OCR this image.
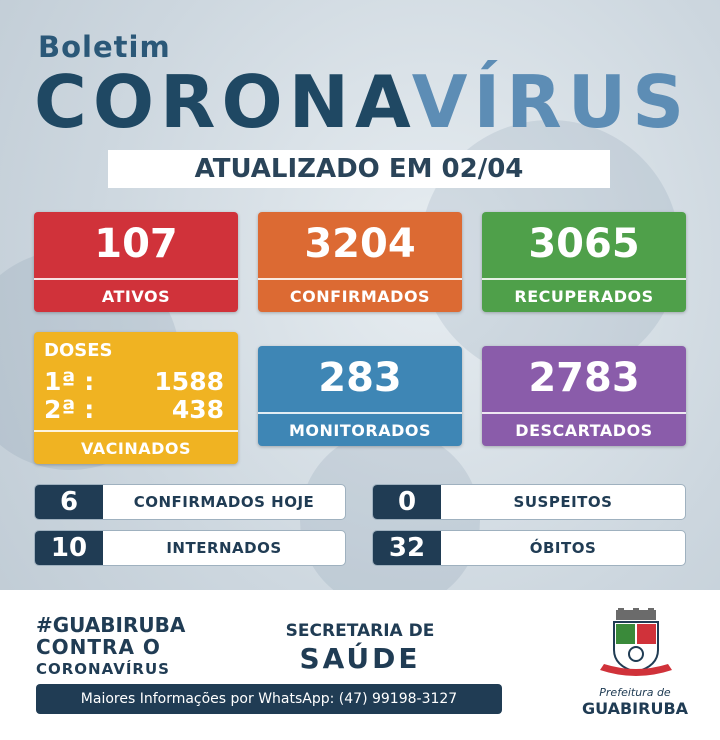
Boletim
CORONAVÍRUS
ATUALIZADO EM 02/04
107
ATIVOS
3204
CONFIRMADOS
3065
RECUPERADOS
DOSES
1ª : 1588
2ª :	438
VACINADOS
283
MONITORADOS
2783
DESCARTADOS
6	CONFIRMADOS HOJE	0	SUSPEITOS
10	INTERNADOS	32	ÓBITOS
#GUABIRUBA
CONTRA O
CORONAVÍRUS
SECRETARIA DE
SAÚDE
Maiores Informações por WhatsApp: (47) 99198-3127	Prefeitura de
GUABIRUBA
